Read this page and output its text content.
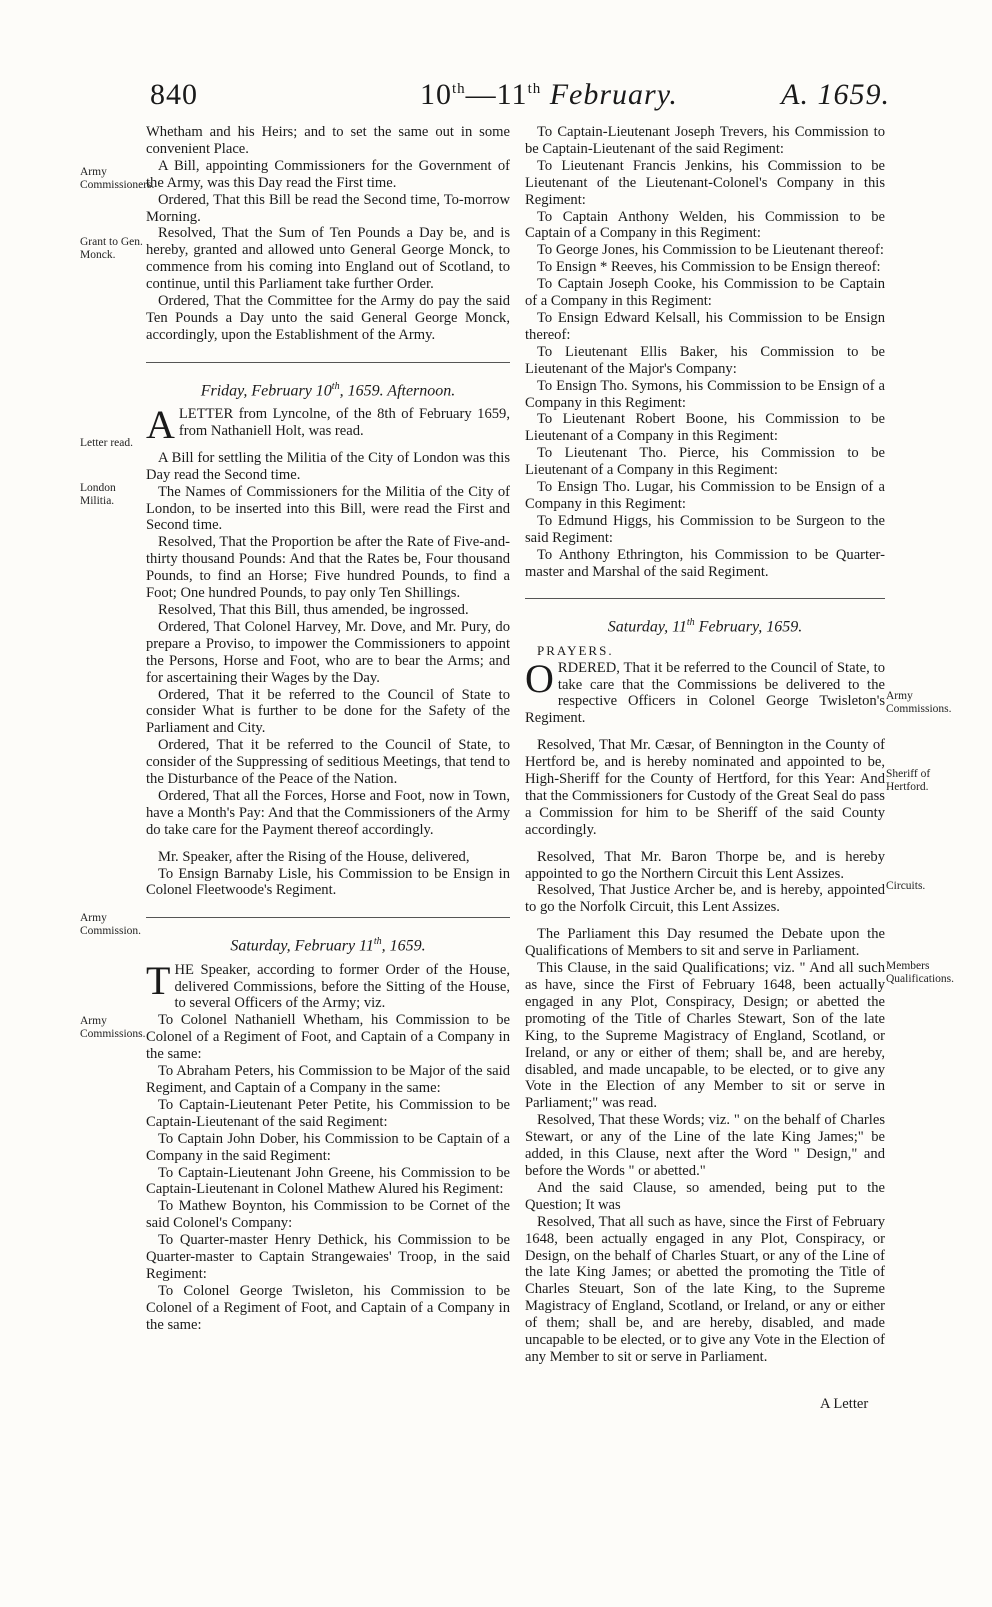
840	10th—11th February.	A. 1659.
Army Commissioners.
Grant to Gen. Monck.
Letter read.
London Militia.
Army Commission.
Army Commissions.
Army Commissions.
Sheriff of Hertford.
Circuits.
Members Qualifications.

Whetham and his Heirs; and to set the same out in some convenient Place.

A Bill, appointing Commissioners for the Government of the Army, was this Day read the First time.

Ordered, That this Bill be read the Second time, To-morrow Morning.

Resolved, That the Sum of Ten Pounds a Day be, and is hereby, granted and allowed unto General George Monck, to commence from his coming into England out of Scotland, to continue, until this Parliament take further Order.

Ordered, That the Committee for the Army do pay the said Ten Pounds a Day unto the said General George Monck, accordingly, upon the Establishment of the Army.

Friday, February 10th, 1659. Afternoon.

ALETTER from Lyncolne, of the 8th of February 1659, from Nathaniell Holt, was read.

A Bill for settling the Militia of the City of London was this Day read the Second time.

The Names of Commissioners for the Militia of the City of London, to be inserted into this Bill, were read the First and Second time.

Resolved, That the Proportion be after the Rate of Five-and-thirty thousand Pounds: And that the Rates be, Four thousand Pounds, to find an Horse; Five hundred Pounds, to find a Foot; One hundred Pounds, to pay only Ten Shillings.

Resolved, That this Bill, thus amended, be ingrossed.

Ordered, That Colonel Harvey, Mr. Dove, and Mr. Pury, do prepare a Proviso, to impower the Commissioners to appoint the Persons, Horse and Foot, who are to bear the Arms; and for ascertaining their Wages by the Day.

Ordered, That it be referred to the Council of State to consider What is further to be done for the Safety of the Parliament and City.

Ordered, That it be referred to the Council of State, to consider of the Suppressing of seditious Meetings, that tend to the Disturbance of the Peace of the Nation.

Ordered, That all the Forces, Horse and Foot, now in Town, have a Month's Pay: And that the Commissioners of the Army do take care for the Payment thereof accordingly.

Mr. Speaker, after the Rising of the House, delivered,

To Ensign Barnaby Lisle, his Commission to be Ensign in Colonel Fleetwoode's Regiment.

Saturday, February 11th, 1659.

THE Speaker, according to former Order of the House, delivered Commissions, before the Sitting of the House, to several Officers of the Army; viz.

To Colonel Nathaniell Whetham, his Commission to be Colonel of a Regiment of Foot, and Captain of a Company in the same:

To Abraham Peters, his Commission to be Major of the said Regiment, and Captain of a Company in the same:

To Captain-Lieutenant Peter Petite, his Commission to be Captain-Lieutenant of the said Regiment:

To Captain John Dober, his Commission to be Captain of a Company in the said Regiment:

To Captain-Lieutenant John Greene, his Commission to be Captain-Lieutenant in Colonel Mathew Alured his Regiment:

To Mathew Boynton, his Commission to be Cornet of the said Colonel's Company:

To Quarter-master Henry Dethick, his Commission to be Quarter-master to Captain Strangewaies' Troop, in the said Regiment:

To Colonel George Twisleton, his Commission to be Colonel of a Regiment of Foot, and Captain of a Company in the same:

To Captain-Lieutenant Joseph Trevers, his Commission to be Captain-Lieutenant of the said Regiment:

To Lieutenant Francis Jenkins, his Commission to be Lieutenant of the Lieutenant-Colonel's Company in this Regiment:

To Captain Anthony Welden, his Commission to be Captain of a Company in this Regiment:

To George Jones, his Commission to be Lieutenant thereof:

To Ensign * Reeves, his Commission to be Ensign thereof:

To Captain Joseph Cooke, his Commission to be Captain of a Company in this Regiment:

To Ensign Edward Kelsall, his Commission to be Ensign thereof:

To Lieutenant Ellis Baker, his Commission to be Lieutenant of the Major's Company:

To Ensign Tho. Symons, his Commission to be Ensign of a Company in this Regiment:

To Lieutenant Robert Boone, his Commission to be Lieutenant of a Company in this Regiment:

To Lieutenant Tho. Pierce, his Commission to be Lieutenant of a Company in this Regiment:

To Ensign Tho. Lugar, his Commission to be Ensign of a Company in this Regiment:

To Edmund Higgs, his Commission to be Surgeon to the said Regiment:

To Anthony Ethrington, his Commission to be Quarter-master and Marshal of the said Regiment.

Saturday, 11th February, 1659.

PRAYERS.

ORDERED, That it be referred to the Council of State, to take care that the Commissions be delivered to the respective Officers in Colonel George Twisleton's Regiment.

Resolved, That Mr. Cæsar, of Bennington in the County of Hertford be, and is hereby nominated and appointed to be, High-Sheriff for the County of Hertford, for this Year: And that the Commissioners for Custody of the Great Seal do pass a Commission for him to be Sheriff of the said County accordingly.

Resolved, That Mr. Baron Thorpe be, and is hereby appointed to go the Northern Circuit this Lent Assizes.

Resolved, That Justice Archer be, and is hereby, appointed to go the Norfolk Circuit, this Lent Assizes.

The Parliament this Day resumed the Debate upon the Qualifications of Members to sit and serve in Parliament.

This Clause, in the said Qualifications; viz. " And all such as have, since the First of February 1648, been actually engaged in any Plot, Conspiracy, Design; or abetted the promoting of the Title of Charles Stewart, Son of the late King, to the Supreme Magistracy of England, Scotland, or Ireland, or any or either of them; shall be, and are hereby, disabled, and made uncapable, to be elected, or to give any Vote in the Election of any Member to sit or serve in Parliament;" was read.

Resolved, That these Words; viz. " on the behalf of Charles Stewart, or any of the Line of the late King James;" be added, in this Clause, next after the Word " Design," and before the Words " or abetted."

And the said Clause, so amended, being put to the Question; It was

Resolved, That all such as have, since the First of February 1648, been actually engaged in any Plot, Conspiracy, or Design, on the behalf of Charles Stuart, or any of the Line of the late King James; or abetted the promoting the Title of Charles Steuart, Son of the late King, to the Supreme Magistracy of England, Scotland, or Ireland, or any or either of them; shall be, and are hereby, disabled, and made uncapable to be elected, or to give any Vote in the Election of any Member to sit or serve in Parliament.

A Letter
